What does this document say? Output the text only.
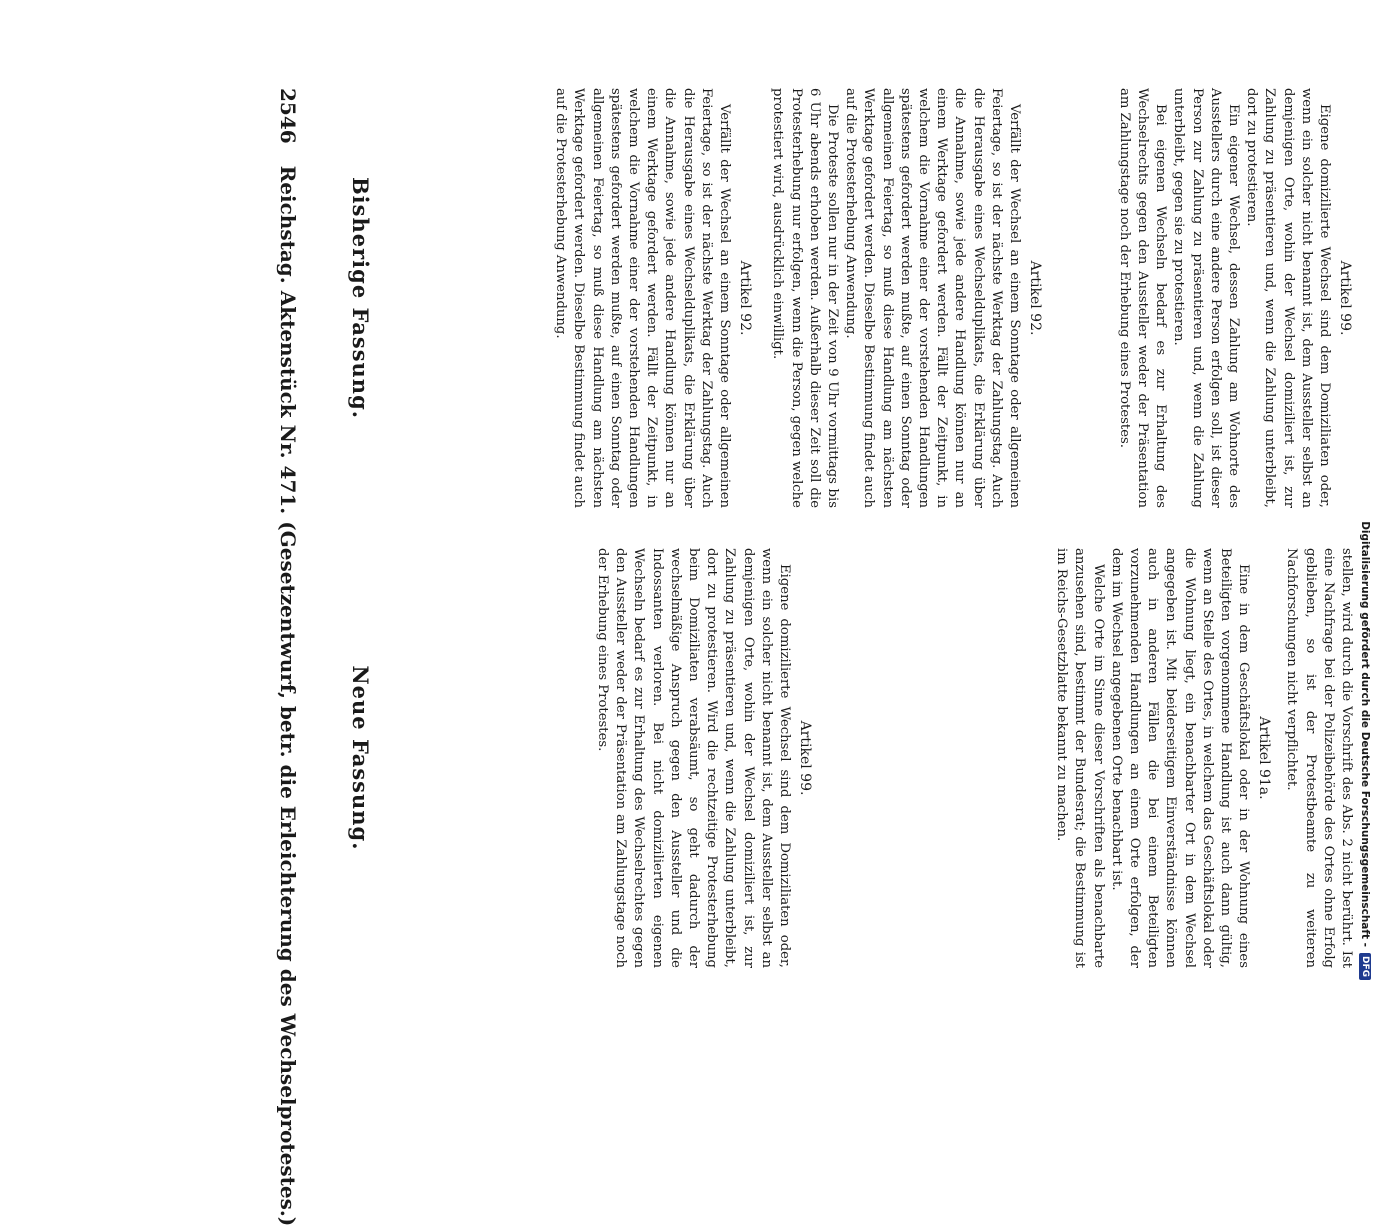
2546
Reichstag. Aktenstück Nr. 471. (Gesetzentwurf, betr. die Erleichterung des Wechselprotestes.) Bisherige Fassung.
Neue Fassung.
Artikel 92.

Verfällt der Wechsel an einem Sonntage oder allgemeinen Feiertage, so ist der nächste Werktag der Zahlungstag. Auch die Herausgabe eines Wechselduplikats, die Erklärung über die Annahme, sowie jede andere Handlung können nur an einem Werktage gefordert werden. Fällt der Zeitpunkt, in welchem die Vornahme einer der vorstehenden Handlungen spätestens gefordert werden mußte, auf einen Sonntag oder allgemeinen Feiertag, so muß diese Handlung am nächsten Werktage gefordert werden. Dieselbe Bestimmung findet auch auf die Protesterhebung Anwendung.

stellen, wird durch die Vorschrift des Abs. 2 nicht berührt. Ist eine Nachfrage bei der Polizeibehörde des Ortes ohne Erfolg geblieben, so ist der Protestbeamte zu weiteren Nachforschungen nicht verpflichtet.

Artikel 91a.

Eine in dem Geschäftslokal oder in der Wohnung eines Beteiligten vorgenommene Handlung ist auch dann gültig, wenn an Stelle des Ortes, in welchem das Geschäftslokal oder die Wohnung liegt, ein benachbarter Ort in dem Wechsel angegeben ist. Mit beiderseitigem Einverständnisse können auch in anderen Fällen die bei einem Beteiligten vorzunehmenden Handlungen an einem Orte erfolgen, der dem im Wechsel angegebenen Orte benachbart ist.

Welche Orte im Sinne dieser Vorschriften als benachbarte anzusehen sind, bestimmt der Bundesrat; die Bestimmung ist im Reichs-Gesetzblatte bekannt zu machen.

Artikel 92.

Verfällt der Wechsel an einem Sonntage oder allgemeinen Feiertage, so ist der nächste Werktag der Zahlungstag. Auch die Herausgabe eines Wechselduplikats, die Erklärung über die Annahme, sowie jede andere Handlung können nur an einem Werktage gefordert werden. Fällt der Zeitpunkt, in welchem die Vornahme einer der vorstehenden Handlungen spätestens gefordert werden mußte, auf einen Sonntag oder allgemeinen Feiertag, so muß diese Handlung am nächsten Werktage gefordert werden. Dieselbe Bestimmung findet auch auf die Protesterhebung Anwendung.

Die Proteste sollen nur in der Zeit von 9 Uhr vormittags bis 6 Uhr abends erhoben werden. Außerhalb dieser Zeit soll die Protesterhebung nur erfolgen, wenn die Person, gegen welche protestiert wird, ausdrücklich einwilligt.	Artikel 99.

Eigene domizilierte Wechsel sind dem Domiziliaten oder, wenn ein solcher nicht benannt ist, dem Aussteller selbst an demjenigen Orte, wohin der Wechsel domiziliert ist, zur Zahlung zu präsentieren und, wenn die Zahlung unterbleibt, dort zu protestieren.

Ein eigener Wechsel, dessen Zahlung am Wohnorte des Ausstellers durch eine andere Person erfolgen soll, ist dieser Person zur Zahlung zu präsentieren und, wenn die Zahlung unterbleibt, gegen sie zu protestieren.

Bei eigenen Wechseln bedarf es zur Erhaltung des Wechselrechts gegen den Aussteller weder der Präsentation am Zahlungstage noch der Erhebung eines Protestes.

Artikel 99.

Eigene domizilierte Wechsel sind dem Domiziliaten oder, wenn ein solcher nicht benannt ist, dem Aussteller selbst an demjenigen Orte, wohin der Wechsel domiziliert ist, zur Zahlung zu präsentieren und, wenn die Zahlung unterbleibt, dort zu protestieren. Wird die rechtzeitige Protesterhebung beim Domiziliaten verabsäumt, so geht dadurch der wechselmäßige Anspruch gegen den Aussteller und die Indossanten verloren. Bei nicht domizilierten eigenen Wechseln bedarf es zur Erhaltung des Wechselrechtes gegen den Aussteller weder der Präsentation am Zahlungstage noch der Erhebung eines Protestes.	Digitalisierung gefördert durch die Deutsche Forschungsgemeinschaft -
DFG
